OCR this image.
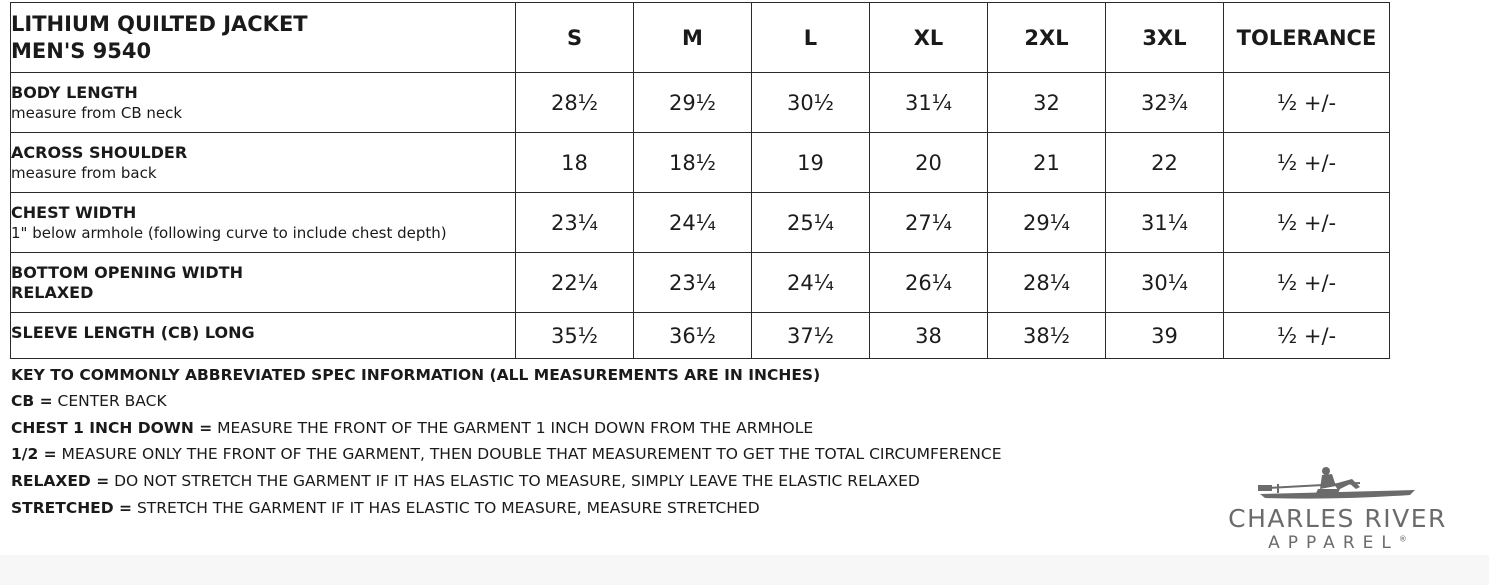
LITHIUM QUILTED JACKET
MEN'S 9540	S	M	L	XL	2XL	3XL	TOLERANCE

BODY LENGTH
measure from CB neck	28½	29½	30½	31¼	32	32¾	½ +/-

ACROSS SHOULDER
measure from back	18	18½	19	20	21	22	½ +/-

CHEST WIDTH
1" below armhole (following curve to include chest depth)	23¼	24¼	25¼	27¼	29¼	31¼	½ +/-

BOTTOM OPENING WIDTH
RELAXED	22¼	23¼	24¼	26¼	28¼	30¼	½ +/-

SLEEVE LENGTH (CB) LONG	35½	36½	37½	38	38½	39	½ +/-
KEY TO COMMONLY ABBREVIATED SPEC INFORMATION (ALL MEASUREMENTS ARE IN INCHES)
CB = CENTER BACK
CHEST 1 INCH DOWN = MEASURE THE FRONT OF THE GARMENT 1 INCH DOWN FROM THE ARMHOLE
1/2 = MEASURE ONLY THE FRONT OF THE GARMENT, THEN DOUBLE THAT MEASUREMENT TO GET THE TOTAL CIRCUMFERENCE
RELAXED = DO NOT STRETCH THE GARMENT IF IT HAS ELASTIC TO MEASURE, SIMPLY LEAVE THE ELASTIC RELAXED
STRETCHED = STRETCH THE GARMENT IF IT HAS ELASTIC TO MEASURE, MEASURE STRETCHED	CHARLES RIVER
APPAREL®
